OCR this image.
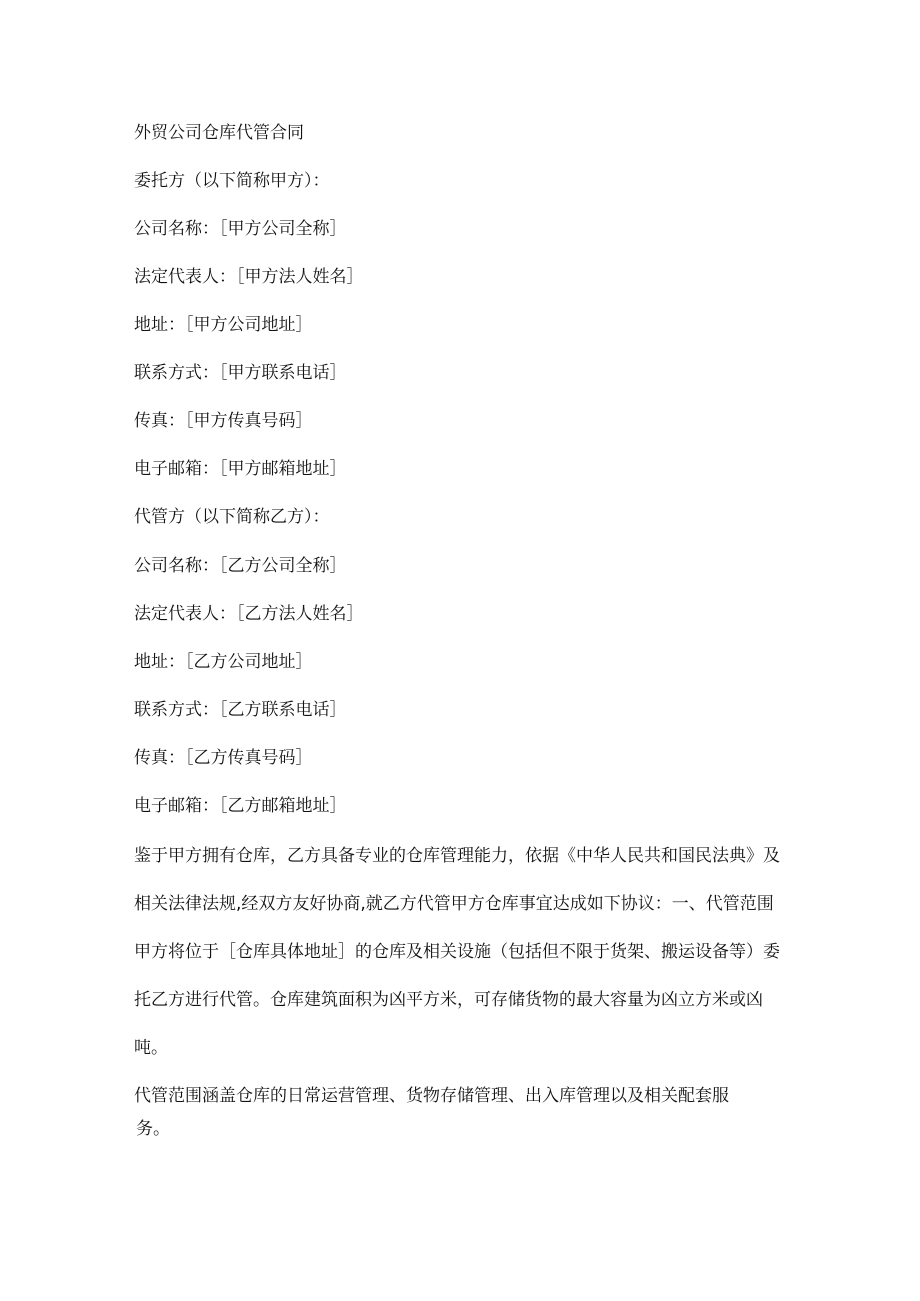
外贸公司仓库代管合同

委托方（以下简称甲方）：

公司名称：［甲方公司全称］

法定代表人：［甲方法人姓名］

地址：［甲方公司地址］

联系方式：［甲方联系电话］

传真：［甲方传真号码］

电子邮箱：［甲方邮箱地址］

代管方（以下简称乙方）：

公司名称：［乙方公司全称］

法定代表人：［乙方法人姓名］

地址：［乙方公司地址］

联系方式：［乙方联系电话］

传真：［乙方传真号码］

电子邮箱：［乙方邮箱地址］

鉴于甲方拥有仓库，乙方具备专业的仓库管理能力，依据《中华人民共和国民法典》及

相关法律法规,经双方友好协商,就乙方代管甲方仓库事宜达成如下协议：一、代管范围

甲方将位于［仓库具体地址］的仓库及相关设施（包括但不限于货架、搬运设备等）委

托乙方进行代管。仓库建筑面积为凶平方米，可存储货物的最大容量为凶立方米或凶

吨。

代管范围涵盖仓库的日常运营管理、货物存储管理、出入库管理以及相关配套服

务。
